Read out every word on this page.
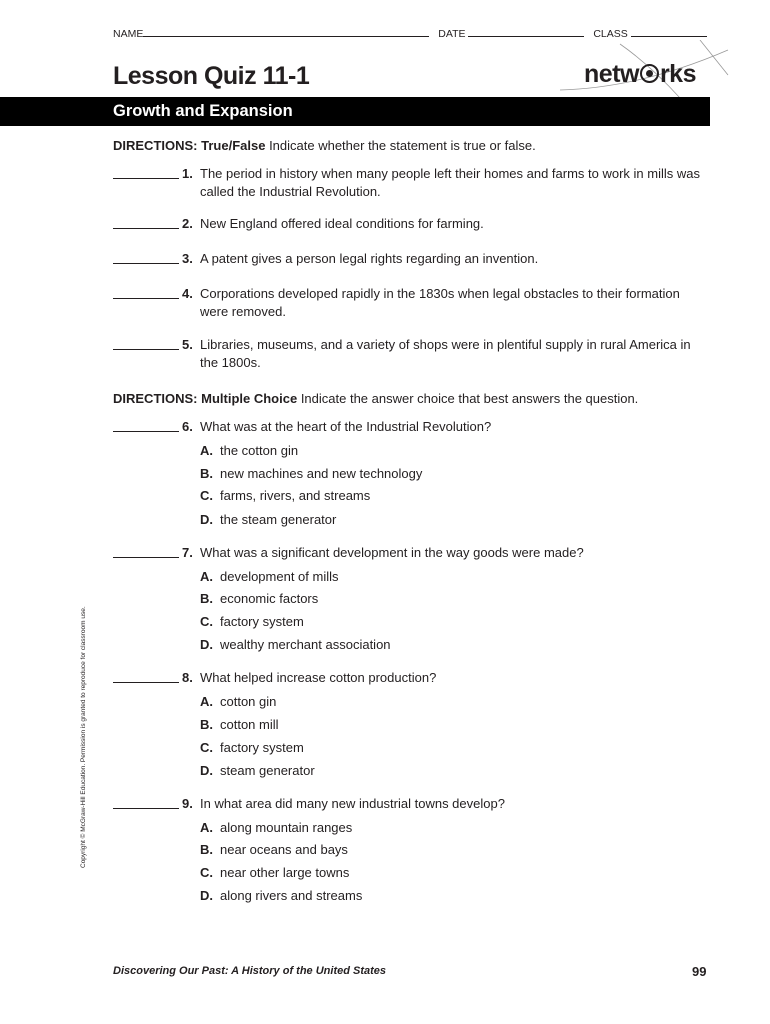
NAME	DATE	CLASS
Lesson Quiz 11-1	netw rks
Growth and Expansion
DIRECTIONS: True/False Indicate whether the statement is true or false.
1. The period in history when many people left their homes and farms to work in mills was called the Industrial Revolution.
2. New England offered ideal conditions for farming.
3. A patent gives a person legal rights regarding an invention.
4. Corporations developed rapidly in the 1830s when legal obstacles to their formation were removed.
5. Libraries, museums, and a variety of shops were in plentiful supply in rural America in the 1800s.
DIRECTIONS: Multiple Choice Indicate the answer choice that best answers the question.
6. What was at the heart of the Industrial Revolution?
A. the cotton gin
B. new machines and new technology
C. farms, rivers, and streams
D. the steam generator
7. What was a significant development in the way goods were made?
A. development of mills
B. economic factors
C. factory system
D. wealthy merchant association
8. What helped increase cotton production?
A. cotton gin
B. cotton mill
C. factory system
D. steam generator
9. In what area did many new industrial towns develop?
A. along mountain ranges
B. near oceans and bays
C. near other large towns
D. along rivers and streams
Copyright © McGraw-Hill Education. Permission is granted to reproduce for classroom use.
Discovering Our Past: A History of the United States	99
